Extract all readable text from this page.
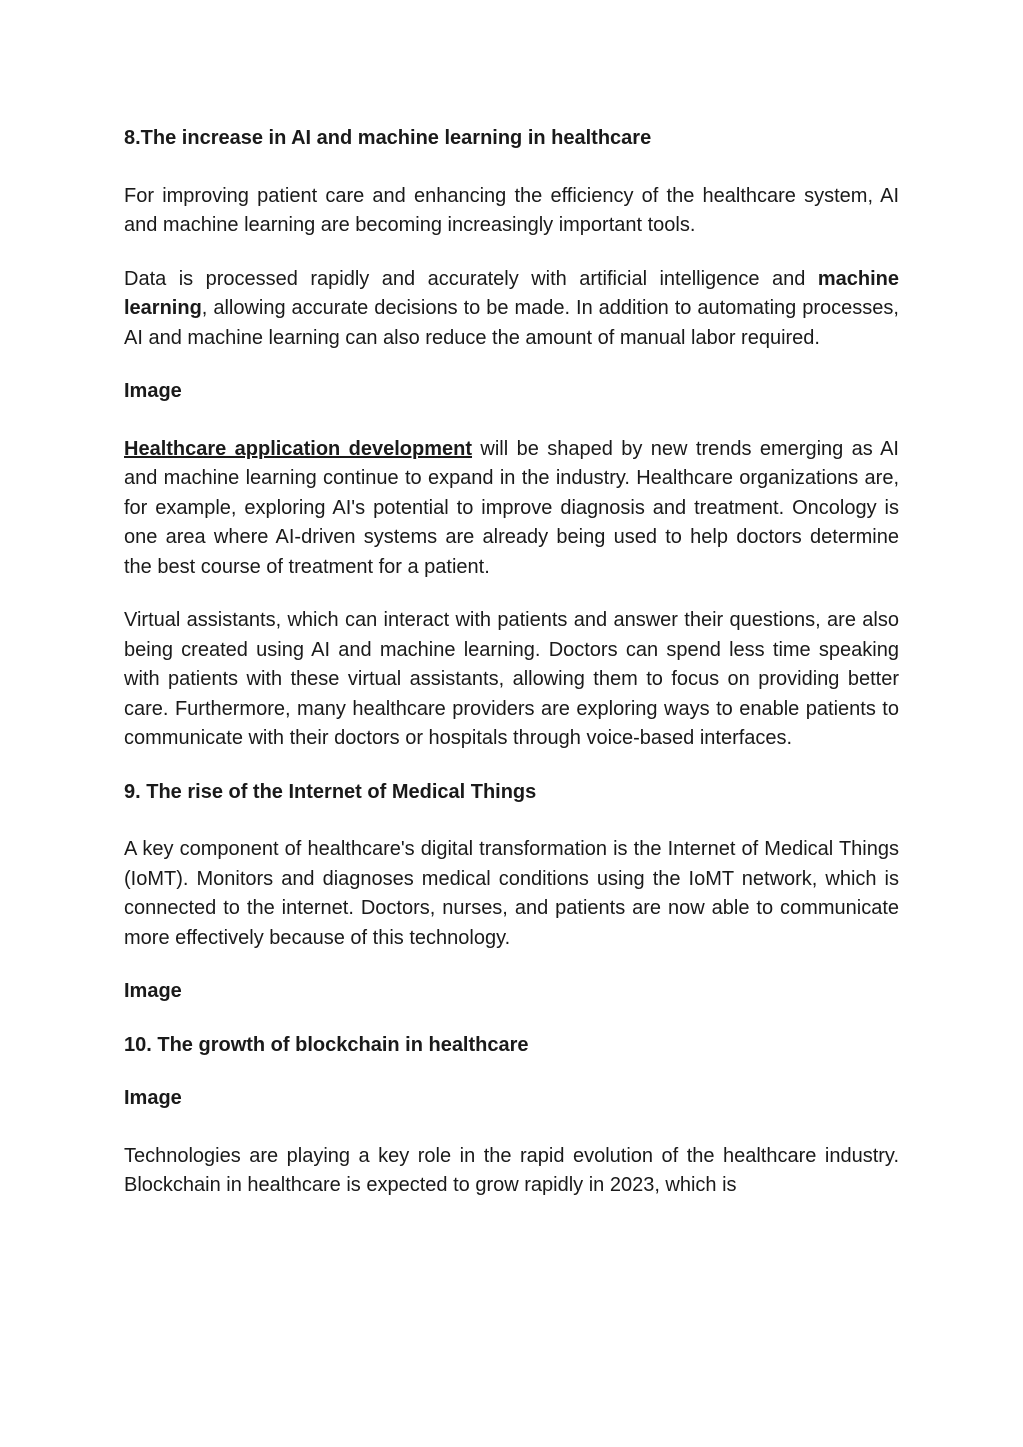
8.The increase in AI and machine learning in healthcare

For improving patient care and enhancing the efficiency of the healthcare system, AI and machine learning are becoming increasingly important tools.

Data is processed rapidly and accurately with artificial intelligence and machine learning, allowing accurate decisions to be made. In addition to automating processes, AI and machine learning can also reduce the amount of manual labor required.

Image

Healthcare application development will be shaped by new trends emerging as AI and machine learning continue to expand in the industry. Healthcare organizations are, for example, exploring AI's potential to improve diagnosis and treatment. Oncology is one area where AI-driven systems are already being used to help doctors determine the best course of treatment for a patient.

Virtual assistants, which can interact with patients and answer their questions, are also being created using AI and machine learning. Doctors can spend less time speaking with patients with these virtual assistants, allowing them to focus on providing better care. Furthermore, many healthcare providers are exploring ways to enable patients to communicate with their doctors or hospitals through voice-based interfaces.

9. The rise of the Internet of Medical Things

A key component of healthcare's digital transformation is the Internet of Medical Things (IoMT). Monitors and diagnoses medical conditions using the IoMT network, which is connected to the internet. Doctors, nurses, and patients are now able to communicate more effectively because of this technology.

Image
10. The growth of blockchain in healthcare
Image

Technologies are playing a key role in the rapid evolution of the healthcare industry. Blockchain in healthcare is expected to grow rapidly in 2023, which is
